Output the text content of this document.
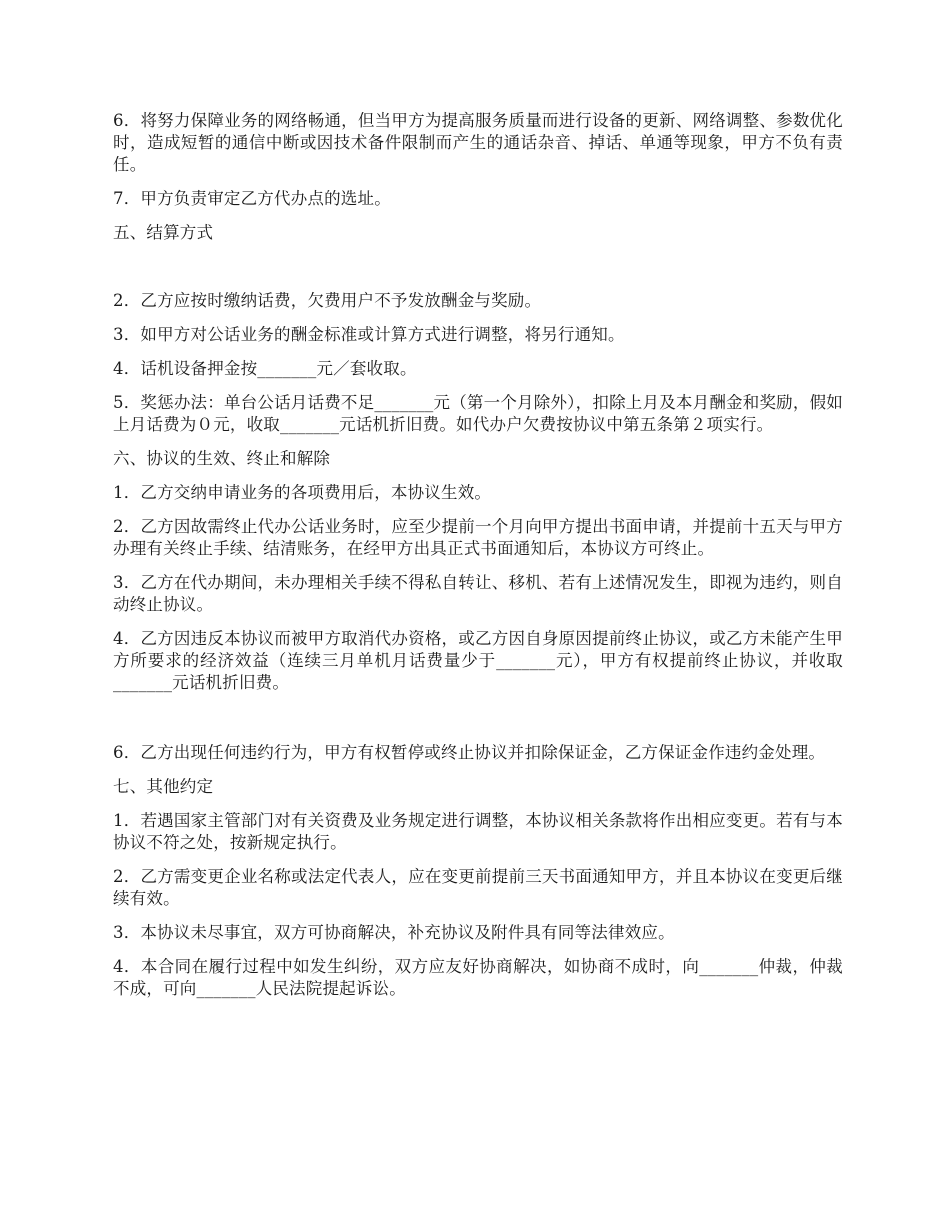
6．将努力保障业务的网络畅通，但当甲方为提高服务质量而进行设备的更新、网络调整、参数优化时，造成短暂的通信中断或因技术备件限制而产生的通话杂音、掉话、单通等现象，甲方不负有责任。

7．甲方负责审定乙方代办点的选址。

五、结算方式

2．乙方应按时缴纳话费，欠费用户不予发放酬金与奖励。

3．如甲方对公话业务的酬金标准或计算方式进行调整，将另行通知。

4．话机设备押金按_______元／套收取。

5．奖惩办法：单台公话月话费不足_______元（第一个月除外），扣除上月及本月酬金和奖励，假如上月话费为０元，收取_______元话机折旧费。如代办户欠费按协议中第五条第２项实行。

六、协议的生效、终止和解除

1．乙方交纳申请业务的各项费用后，本协议生效。

2．乙方因故需终止代办公话业务时，应至少提前一个月向甲方提出书面申请，并提前十五天与甲方办理有关终止手续、结清账务，在经甲方出具正式书面通知后，本协议方可终止。

3．乙方在代办期间，未办理相关手续不得私自转让、移机、若有上述情况发生，即视为违约，则自动终止协议。

4．乙方因违反本协议而被甲方取消代办资格，或乙方因自身原因提前终止协议，或乙方未能产生甲方所要求的经济效益（连续三月单机月话费量少于_______元），甲方有权提前终止协议，并收取_______元话机折旧费。

6．乙方出现任何违约行为，甲方有权暂停或终止协议并扣除保证金，乙方保证金作违约金处理。

七、其他约定

1．若遇国家主管部门对有关资费及业务规定进行调整，本协议相关条款将作出相应变更。若有与本协议不符之处，按新规定执行。

2．乙方需变更企业名称或法定代表人，应在变更前提前三天书面通知甲方，并且本协议在变更后继续有效。

3．本协议未尽事宜，双方可协商解决，补充协议及附件具有同等法律效应。

4．本合同在履行过程中如发生纠纷，双方应友好协商解决，如协商不成时，向_______仲裁，仲裁不成，可向_______人民法院提起诉讼。
